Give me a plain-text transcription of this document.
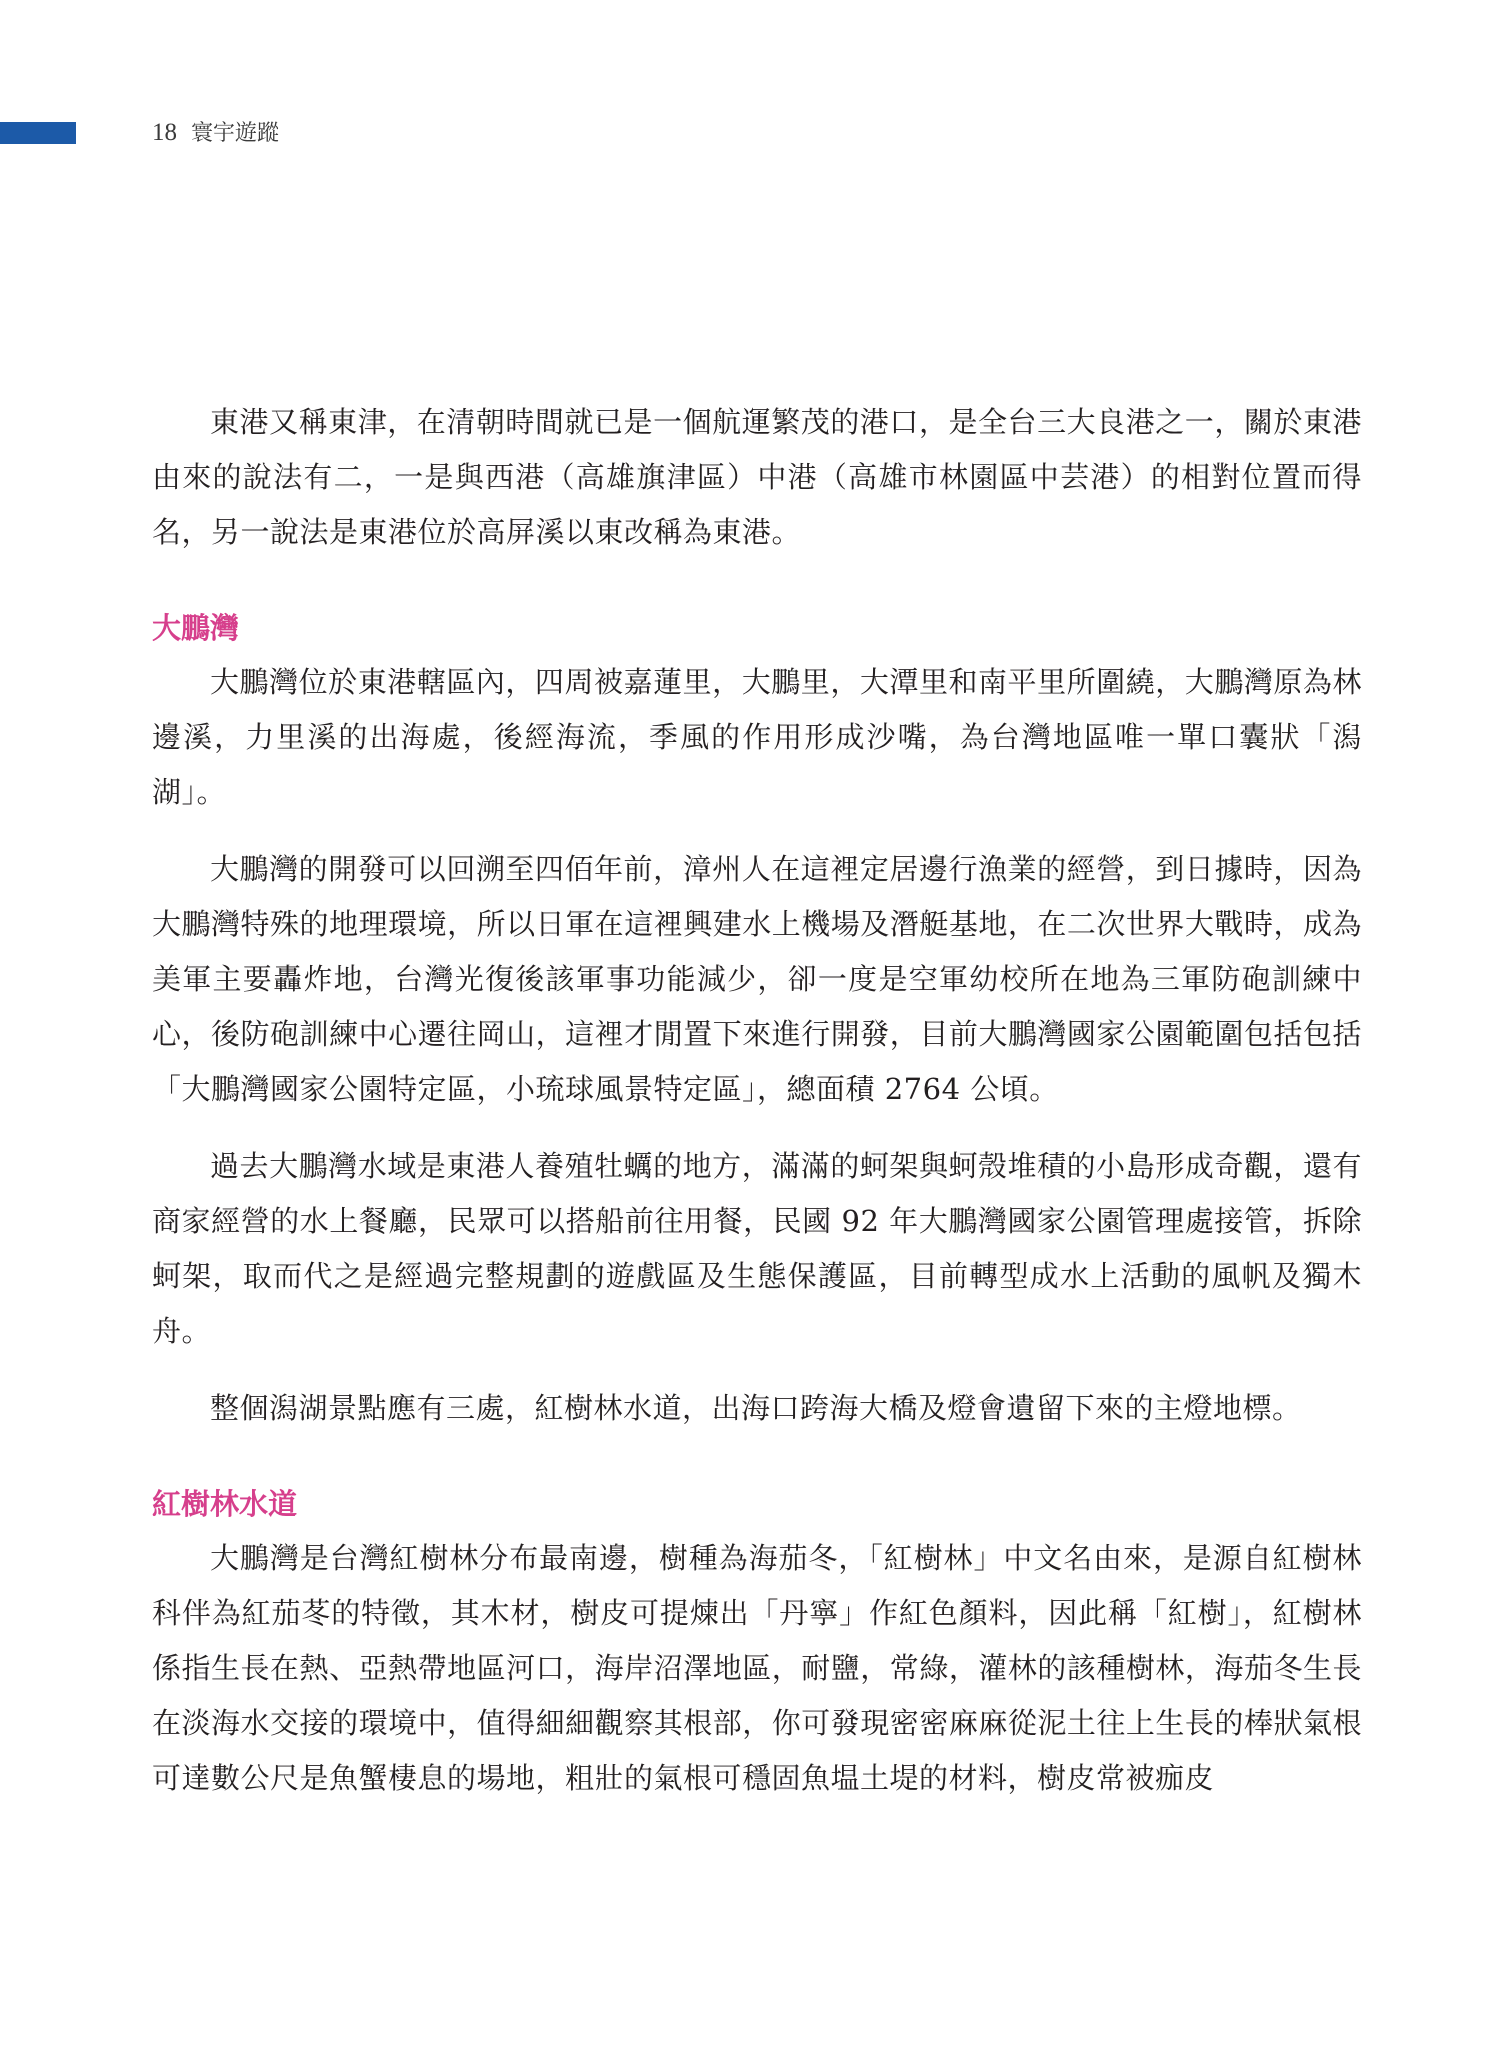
18 寰宇遊蹤

東港又稱東津，在清朝時間就已是一個航運繁茂的港口，是全台三大良港之一，關於東港由來的說法有二，一是與西港（高雄旗津區）中港（高雄市林園區中芸港）的相對位置而得名，另一說法是東港位於高屏溪以東改稱為東港。

大鵬灣

大鵬灣位於東港轄區內，四周被嘉蓮里，大鵬里，大潭里和南平里所圍繞，大鵬灣原為林邊溪，力里溪的出海處，後經海流，季風的作用形成沙嘴，為台灣地區唯一單口囊狀「潟湖」。

大鵬灣的開發可以回溯至四佰年前，漳州人在這裡定居邊行漁業的經營，到日據時，因為大鵬灣特殊的地理環境，所以日軍在這裡興建水上機場及潛艇基地，在二次世界大戰時，成為美軍主要轟炸地，台灣光復後該軍事功能減少，卻一度是空軍幼校所在地為三軍防砲訓練中心，後防砲訓練中心遷往岡山，這裡才閒置下來進行開發，目前大鵬灣國家公園範圍包括包括「大鵬灣國家公園特定區，小琉球風景特定區」，總面積 2764 公頃。

過去大鵬灣水域是東港人養殖牡蠣的地方，滿滿的蚵架與蚵殼堆積的小島形成奇觀，還有商家經營的水上餐廳，民眾可以搭船前往用餐，民國 92 年大鵬灣國家公園管理處接管，拆除蚵架，取而代之是經過完整規劃的遊戲區及生態保護區，目前轉型成水上活動的風帆及獨木舟。

整個潟湖景點應有三處，紅樹林水道，出海口跨海大橋及燈會遺留下來的主燈地標。

紅樹林水道

大鵬灣是台灣紅樹林分布最南邊，樹種為海茄冬，「紅樹林」中文名由來，是源自紅樹林科伴為紅茄苳的特徵，其木材，樹皮可提煉出「丹寧」作紅色顏料，因此稱「紅樹」，紅樹林係指生長在熱、亞熱帶地區河口，海岸沼澤地區，耐鹽，常綠，灌林的該種樹林，海茄冬生長在淡海水交接的環境中，值得細細觀察其根部，你可發現密密麻麻從泥土往上生長的棒狀氣根可達數公尺是魚蟹棲息的場地，粗壯的氣根可穩固魚塭土堤的材料，樹皮常被痂皮
